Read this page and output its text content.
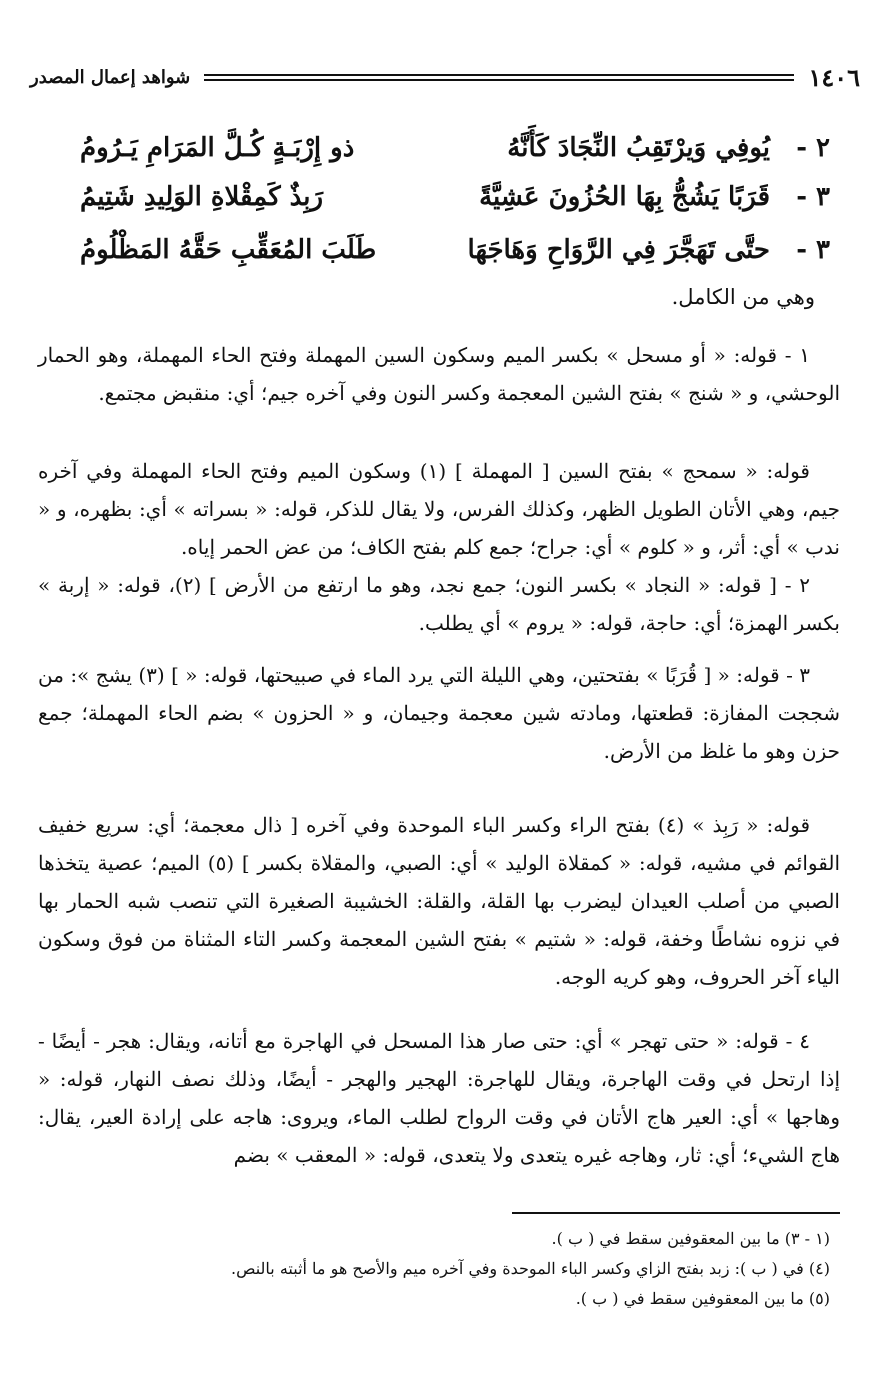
١٤٠٦
شواهد إعمال المصدر
٢ -
يُوفِي وَيرْتَقِبُ النِّجَادَ كَأَنَّهُ
ذو إِرْبَـةٍ كُـلَّ المَرَامِ يَـرُومُ
٣ -
قَرَبًا يَشُجُّ بِهَا الحُزُونَ عَشِيَّةً
رَبِذٌ كَمِقْلاةِ الوَلِيدِ شَتِيمُ
٣ -
حتَّى تَهَجَّرَ فِي الرَّوَاحِ وَهَاجَهَا
طَلَبَ المُعَقِّبِ حَقَّهُ المَظْلُومُ
وهي من الكامل.

١ - قوله: « أو مسحل » بكسر الميم وسكون السين المهملة وفتح الحاء المهملة، وهو الحمار الوحشي، و « شنج » بفتح الشين المعجمة وكسر النون وفي آخره جيم؛ أي: منقبض مجتمع.

قوله: « سمحج » بفتح السين [ المهملة ] (١) وسكون الميم وفتح الحاء المهملة وفي آخره جيم، وهي الأتان الطويل الظهر، وكذلك الفرس، ولا يقال للذكر، قوله: « بسراته » أي: بظهره، و « ندب » أي: أثر، و « كلوم » أي: جراح؛ جمع كلم بفتح الكاف؛ من عض الحمر إياه.

٢ - [ قوله: « النجاد » بكسر النون؛ جمع نجد، وهو ما ارتفع من الأرض ] (٢)، قوله: « إربة » بكسر الهمزة؛ أي: حاجة، قوله: « يروم » أي يطلب.

٣ - قوله: « [ قُرَبًا » بفتحتين، وهي الليلة التي يرد الماء في صبيحتها، قوله: « ] (٣) يشج »: من شججت المفازة: قطعتها، ومادته شين معجمة وجيمان، و « الحزون » بضم الحاء المهملة؛ جمع حزن وهو ما غلظ من الأرض.

قوله: « رَبِذ » (٤) بفتح الراء وكسر الباء الموحدة وفي آخره [ ذال معجمة؛ أي: سريع خفيف القوائم في مشيه، قوله: « كمقلاة الوليد » أي: الصبي، والمقلاة بكسر ] (٥) الميم؛ عصية يتخذها الصبي من أصلب العيدان ليضرب بها القلة، والقلة: الخشيبة الصغيرة التي تنصب شبه الحمار بها في نزوه نشاطًا وخفة، قوله: « شتيم » بفتح الشين المعجمة وكسر التاء المثناة من فوق وسكون الياء آخر الحروف، وهو كريه الوجه.

٤ - قوله: « حتى تهجر » أي: حتى صار هذا المسحل في الهاجرة مع أتانه، ويقال: هجر - أيضًا - إذا ارتحل في وقت الهاجرة، ويقال للهاجرة: الهجير والهجر - أيضًا، وذلك نصف النهار، قوله: « وهاجها » أي: العير هاج الأتان في وقت الرواح لطلب الماء، ويروى: هاجه على إرادة العير، يقال: هاج الشيء؛ أي: ثار، وهاجه غيره يتعدى ولا يتعدى، قوله: « المعقب » بضم

(١ - ٣) ما بين المعقوفين سقط في ( ب ).
(٤) في ( ب ): زبد بفتح الزاي وكسر الباء الموحدة وفي آخره ميم والأصح هو ما أثبته بالنص.
(٥) ما بين المعقوفين سقط في ( ب ).
